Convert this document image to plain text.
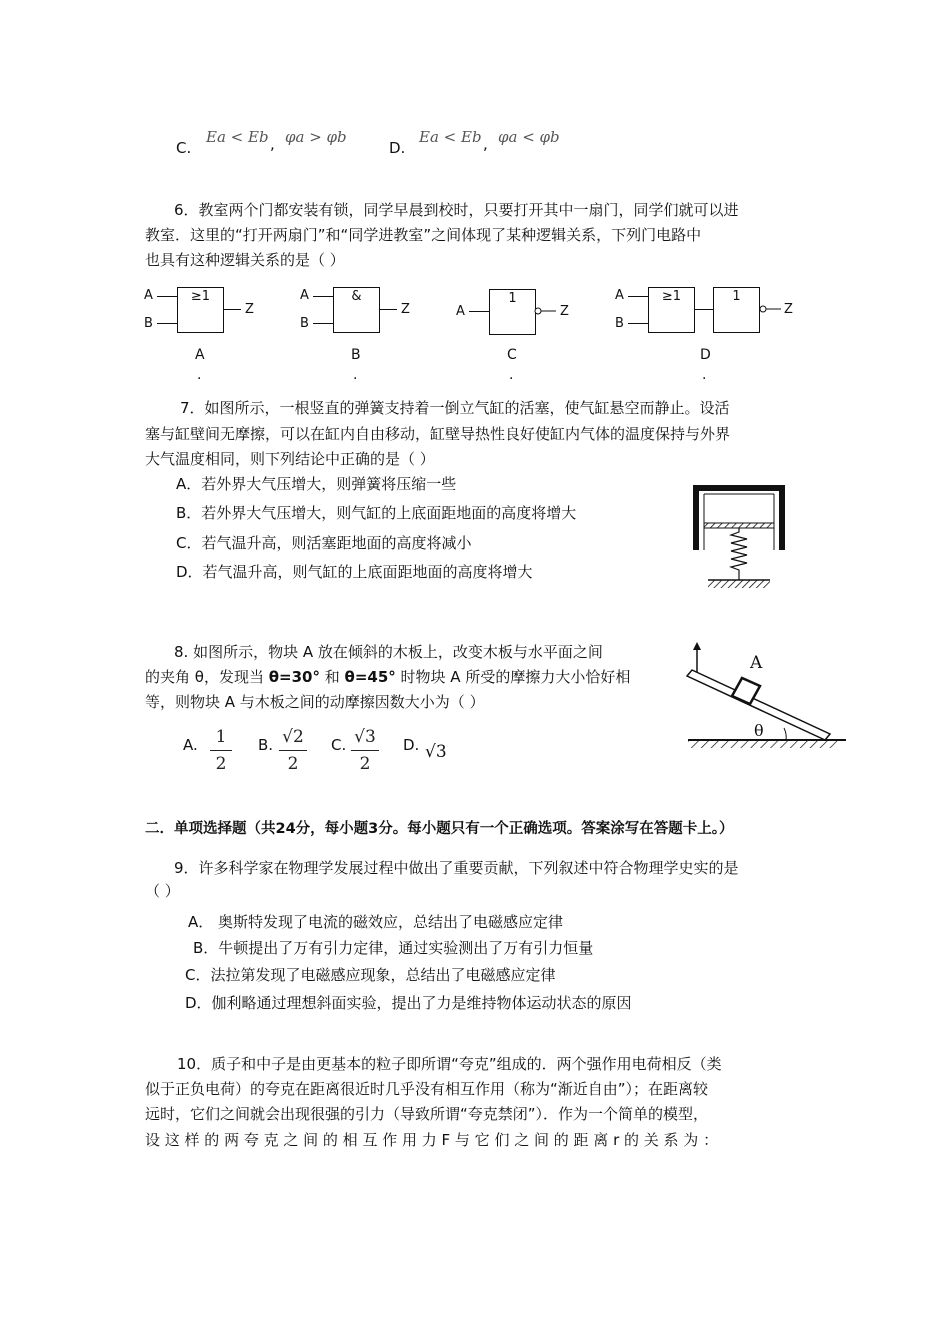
C.
Ea < Eb , φa > φb
D.
Ea < Eb , φa < φb
6．教室两个门都安装有锁，同学早晨到校时，只要打开其中一扇门，同学们就可以进
教室．这里的“打开两扇门”和“同学进教室”之间体现了某种逻辑关系，下列门电路中
也具有这种逻辑关系的是（ ）
A
B
≥1
Z
A
B
&
Z	A
1
Z
A
B
≥1	1
Z
A	B	C	D
.	.	.	.
7．如图所示，一根竖直的弹簧支持着一倒立气缸的活塞，使气缸悬空而静止。设活
塞与缸壁间无摩擦，可以在缸内自由移动，缸壁导热性良好使缸内气体的温度保持与外界
大气温度相同，则下列结论中正确的是（ ）
A．若外界大气压增大，则弹簧将压缩一些
B．若外界大气压增大，则气缸的上底面距地面的高度将增大
C．若气温升高，则活塞距地面的高度将减小
D．若气温升高，则气缸的上底面距地面的高度将增大
8. 如图所示，物块 A 放在倾斜的木板上，改变木板与水平面之间
的夹角 θ，发现当 θ=30° 和 θ=45° 时物块 A 所受的摩擦力大小恰好相
等，则物块 A 与木板之间的动摩擦因数大小为（ ）
A.	1
2
B. √2
2
C. √3
2
D. √3
A
θ
二．单项选择题（共24分，每小题3分。每小题只有一个正确选项。答案涂写在答题卡上。）
9．许多科学家在物理学发展过程中做出了重要贡献，下列叙述中符合物理学史实的是
（ ）
A． 奥斯特发现了电流的磁效应，总结出了电磁感应定律
B．牛顿提出了万有引力定律，通过实验测出了万有引力恒量
C．法拉第发现了电磁感应现象，总结出了电磁感应定律
D．伽利略通过理想斜面实验，提出了力是维持物体运动状态的原因
10．质子和中子是由更基本的粒子即所谓“夸克”组成的．两个强作用电荷相反（类
似于正负电荷）的夸克在距离很近时几乎没有相互作用（称为“渐近自由”）；在距离较
远时，它们之间就会出现很强的引力（导致所谓“夸克禁闭”）．作为一个简单的模型，
设 这 样 的 两 夸 克 之 间 的 相 互 作 用 力 F 与 它 们 之 间 的 距 离 r 的 关 系 为 ：
